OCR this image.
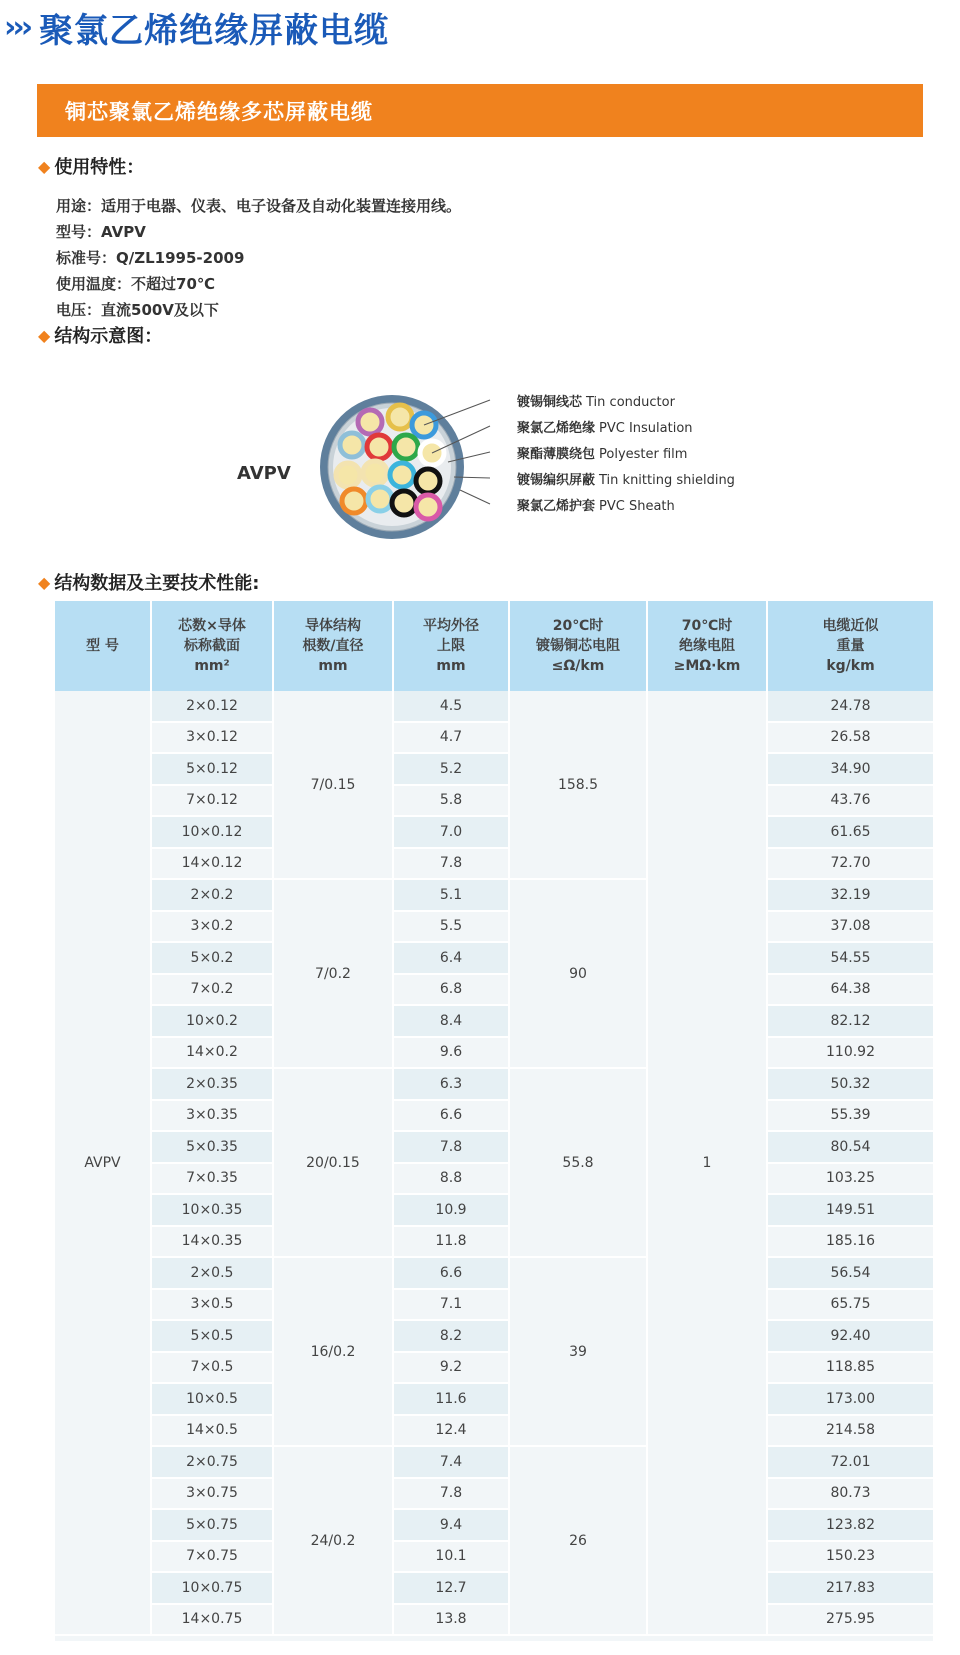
››› 聚氯乙烯绝缘屏蔽电缆
铜芯聚氯乙烯绝缘多芯屏蔽电缆
◆ 使用特性：
用途：适用于电器、仪表、电子设备及自动化装置连接用线。
型号：AVPV
标准号：Q/ZL1995-2009
使用温度：不超过70℃
电压：直流500V及以下
◆ 结构示意图：
AVPV
镀锡铜线芯 Tin conductor
聚氯乙烯绝缘 PVC Insulation
聚酯薄膜绕包 Polyester film
镀锡编织屏蔽 Tin knitting shielding
聚氯乙烯护套 PVC Sheath
◆ 结构数据及主要技术性能:
型 号	芯数×导体
标称截面
mm²	导体结构
根数/直径
mm	平均外径
上限
mm	20℃时
镀锡铜芯电阻
≤Ω/km	70℃时
绝缘电阻
≥MΩ·km	电缆近似
重量
kg/km
AVPV	2×0.12	7/0.15	4.5	158.5	1	24.78
	3×0.12		4.7			26.58
	5×0.12		5.2			34.90
	7×0.12		5.8			43.76
	10×0.12		7.0			61.65
	14×0.12		7.8			72.70
	2×0.2	7/0.2	5.1	90		32.19
	3×0.2		5.5			37.08
	5×0.2		6.4			54.55
	7×0.2		6.8			64.38
	10×0.2		8.4			82.12
	14×0.2		9.6			110.92
	2×0.35	20/0.15	6.3	55.8		50.32
	3×0.35		6.6			55.39
	5×0.35		7.8			80.54
	7×0.35		8.8			103.25
	10×0.35		10.9			149.51
	14×0.35		11.8			185.16
	2×0.5	16/0.2	6.6	39		56.54
	3×0.5		7.1			65.75
	5×0.5		8.2			92.40
	7×0.5		9.2			118.85
	10×0.5		11.6			173.00
	14×0.5		12.4			214.58
	2×0.75	24/0.2	7.4	26		72.01
	3×0.75		7.8			80.73
	5×0.75		9.4			123.82
	7×0.75		10.1			150.23
	10×0.75		12.7			217.83
	14×0.75		13.8			275.95
